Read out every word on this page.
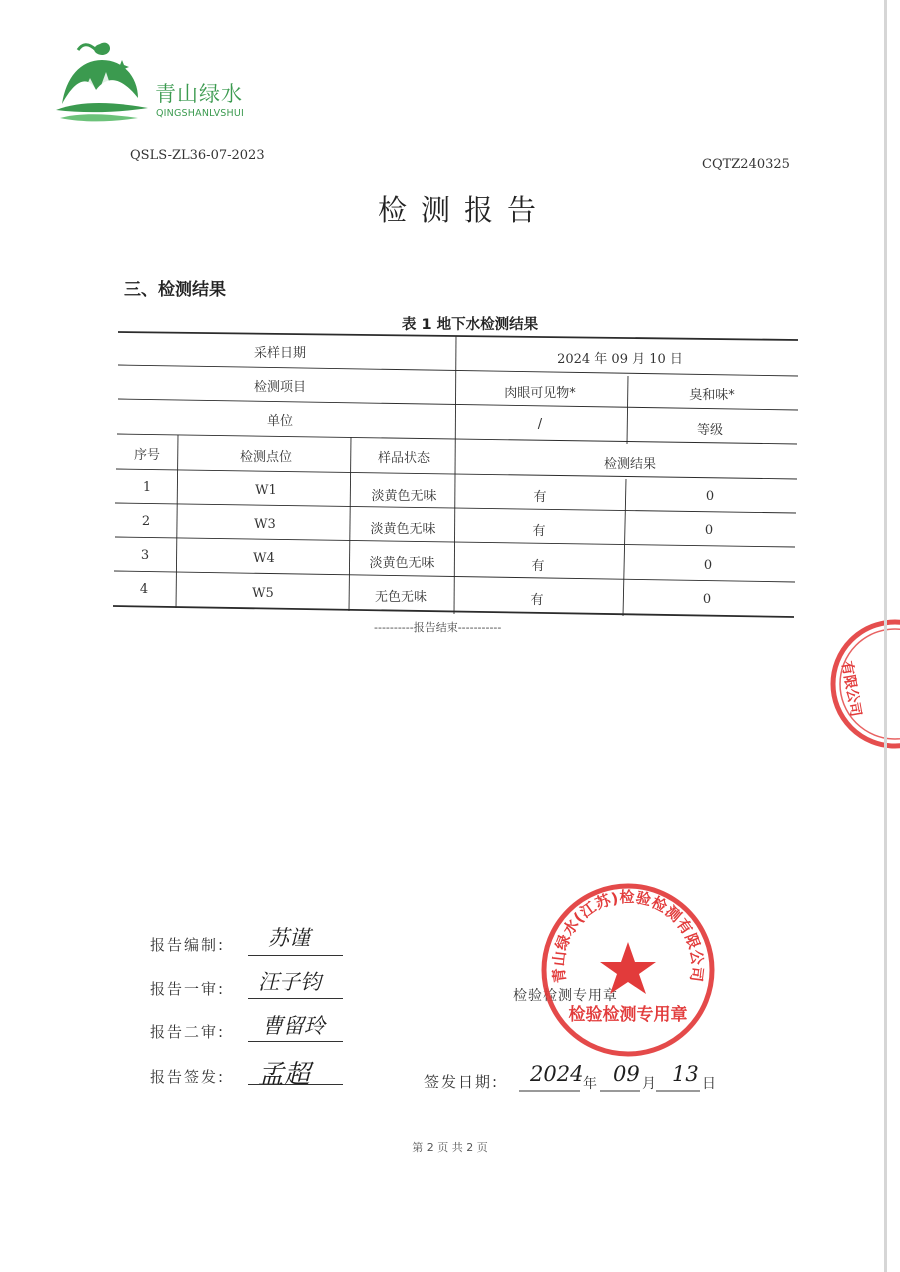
青山绿水
QINGSHANLVSHUI
QSLS-ZL36-07-2023
CQTZ240325
检测报告
三、检测结果
表 1 地下水检测结果
采样日期	2024 年 09 月 10 日
检测项目	肉眼可见物*	臭和味*
单位	/	等级
序号	检测点位	样品状态	检测结果
1	W1	淡黄色无味	有	0
2	W3	淡黄色无味	有	0
3	W4	淡黄色无味	有	0
4	W5	无色无味	有	0
----------报告结束-----------
有限公司
报告编制: 苏谨
报告一审: 汪子钧
报告二审: 曹留玲
报告签发: 孟超
检验检测专用章
青山绿水(江苏)检验检测有限公司
检验检测专用章
签发日期: 2024 年 09 月 13 日
第 2 页 共 2 页
